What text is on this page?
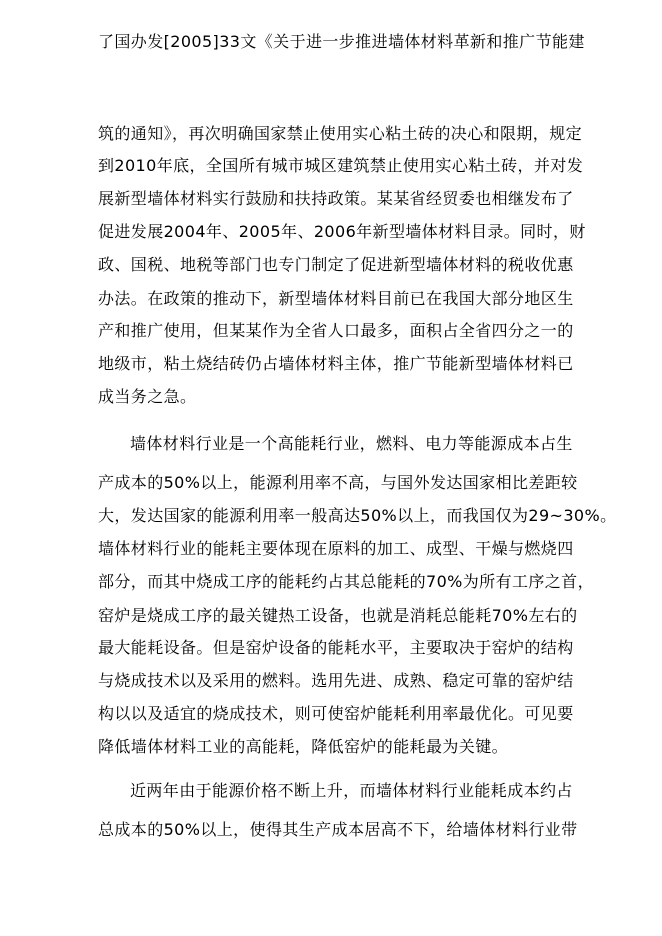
了国办发[2005]33文《关于进一步推进墙体材料革新和推广节能建
筑的通知》，再次明确国家禁止使用实心粘土砖的决心和限期，规定
到2010年底，全国所有城市城区建筑禁止使用实心粘土砖，并对发
展新型墙体材料实行鼓励和扶持政策。某某省经贸委也相继发布了
促进发展2004年、2005年、2006年新型墙体材料目录。同时，财
政、国税、地税等部门也专门制定了促进新型墙体材料的税收优惠
办法。在政策的推动下，新型墙体材料目前已在我国大部分地区生
产和推广使用，但某某作为全省人口最多，面积占全省四分之一的
地级市，粘土烧结砖仍占墙体材料主体，推广节能新型墙体材料已
成当务之急。
墙体材料行业是一个高能耗行业，燃料、电力等能源成本占生
产成本的50%以上，能源利用率不高，与国外发达国家相比差距较
大，发达国家的能源利用率一般高达50%以上，而我国仅为29~30%。
墙体材料行业的能耗主要体现在原料的加工、成型、干燥与燃烧四
部分，而其中烧成工序的能耗约占其总能耗的70%为所有工序之首，
窑炉是烧成工序的最关键热工设备，也就是消耗总能耗70%左右的
最大能耗设备。但是窑炉设备的能耗水平，主要取决于窑炉的结构
与烧成技术以及采用的燃料。选用先进、成熟、稳定可靠的窑炉结
构以以及适宜的烧成技术，则可使窑炉能耗利用率最优化。可见要
降低墙体材料工业的高能耗，降低窑炉的能耗最为关键。
近两年由于能源价格不断上升，而墙体材料行业能耗成本约占
总成本的50%以上，使得其生产成本居高不下，给墙体材料行业带
